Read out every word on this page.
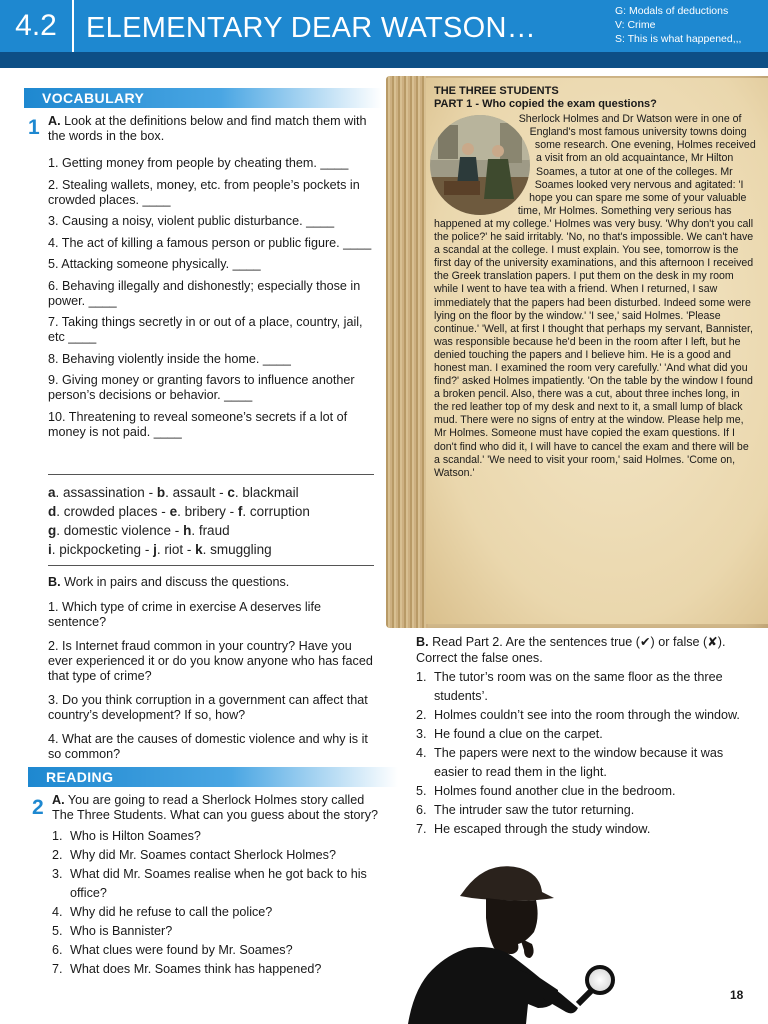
4.2	ELEMENTARY DEAR WATSON…
G: Modals of deductions
V: Crime
S: This is what happened,,,
VOCABULARY
1 A. Look at the definitions below and find match them with the words in the box.

1. Getting money from people by cheating them. ____
2. Stealing wallets, money, etc. from people’s pockets in crowded places. ____
3. Causing a noisy, violent public disturbance. ____
4. The act of killing a famous person or public figure. ____
5. Attacking someone physically. ____
6. Behaving illegally and dishonestly; especially those in power. ____
7. Taking things secretly in or out of a place, country, jail, etc ____
8. Behaving violently inside the home. ____
9. Giving money or granting favors to influence another person’s decisions or behavior. ____
10. Threatening to reveal someone’s secrets if a lot of money is not paid. ____
a. assassination - b. assault - c. blackmail
d. crowded places - e. bribery - f. corruption
g. domestic violence - h. fraud
i. pickpocketing - j. riot - k. smuggling

B. Work in pairs and discuss the questions.

1. Which type of crime in exercise A deserves life sentence?
2. Is Internet fraud common in your country? Have you ever experienced it or do you know anyone who has faced that type of crime?
3. Do you think corruption in a government can affect that country’s development? If so, how?
4. What are the causes of domestic violence and why is it so common?
READING
2 A. You are going to read a Sherlock Holmes story called The Three Students. What can you guess about the story?

1. Who is Hilton Soames?
2. Why did Mr. Soames contact Sherlock Holmes?
3. What did Mr. Soames realise when he got back to his office?
4. Why did he refuse to call the police?
5. Who is Bannister?
6. What clues were found by Mr. Soames?
7. What does Mr. Soames think has happened?

THE THREE STUDENTS

PART 1 - Who copied the exam questions?

Sherlock Holmes and Dr Watson were in one of England's most famous university towns doing some research. One evening, Holmes received a visit from an old acquaintance, Mr Hilton Soames, a tutor at one of the colleges. Mr Soames looked very nervous and agitated: 'I hope you can spare me some of your valuable time, Mr Holmes. Something very serious has happened at my college.' Holmes was very busy. 'Why don't you call the police?' he said irritably. 'No, no that's impossible. We can't have a scandal at the college. I must explain. You see, tomorrow is the first day of the university examinations, and this afternoon I received the Greek translation papers. I put them on the desk in my room while I went to have tea with a friend. When I returned, I saw immediately that the papers had been disturbed. Indeed some were lying on the floor by the window.' 'I see,' said Holmes. 'Please continue.' 'Well, at first I thought that perhaps my servant, Bannister, was responsible because he'd been in the room after I left, but he denied touching the papers and I believe him. He is a good and honest man. I examined the room very carefully.' 'And what did you find?' asked Holmes impatiently. 'On the table by the window I found a broken pencil. Also, there was a cut, about three inches long, in the red leather top of my desk and next to it, a small lump of black mud. There were no signs of entry at the window. Please help me, Mr Holmes. Someone must have copied the exam questions. If I don't find who did it, I will have to cancel the exam and there will be a scandal.' 'We need to visit your room,' said Holmes. 'Come on, Watson.'

B. Read Part 2. Are the sentences true (✔) or false (✘). Correct the false ones.

1. The tutor’s room was on the same floor as the three students’.
2. Holmes couldn’t see into the room through the window.
3. He found a clue on the carpet.
4. The papers were next to the window because it was easier to read them in the light.
5. Holmes found another clue in the bedroom.
6. The intruder saw the tutor returning.
7. He escaped through the study window.
18
